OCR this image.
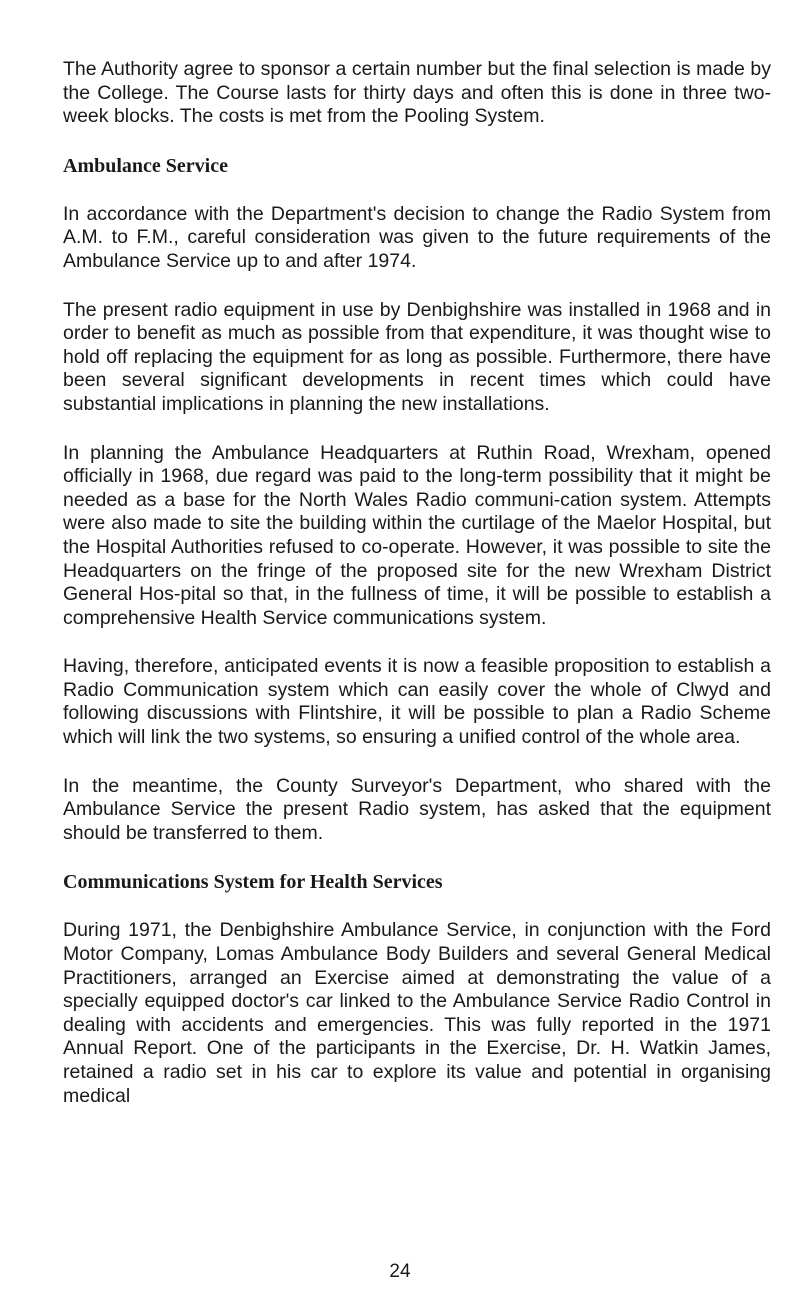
The Authority agree to sponsor a certain number but the final selection is made by the College. The Course lasts for thirty days and often this is done in three two-week blocks. The costs is met from the Pooling System.

Ambulance Service

In accordance with the Department's decision to change the Radio System from A.M. to F.M., careful consideration was given to the future requirements of the Ambulance Service up to and after 1974.

The present radio equipment in use by Denbighshire was installed in 1968 and in order to benefit as much as possible from that expenditure, it was thought wise to hold off replacing the equipment for as long as possible. Furthermore, there have been several significant developments in recent times which could have substantial implications in planning the new installations.

In planning the Ambulance Headquarters at Ruthin Road, Wrexham, opened officially in 1968, due regard was paid to the long-term possibility that it might be needed as a base for the North Wales Radio communi-cation system. Attempts were also made to site the building within the curtilage of the Maelor Hospital, but the Hospital Authorities refused to co-operate. However, it was possible to site the Headquarters on the fringe of the proposed site for the new Wrexham District General Hos-pital so that, in the fullness of time, it will be possible to establish a comprehensive Health Service communications system.

Having, therefore, anticipated events it is now a feasible proposition to establish a Radio Communication system which can easily cover the whole of Clwyd and following discussions with Flintshire, it will be possible to plan a Radio Scheme which will link the two systems, so ensuring a unified control of the whole area.

In the meantime, the County Surveyor's Department, who shared with the Ambulance Service the present Radio system, has asked that the equipment should be transferred to them.

Communications System for Health Services

During 1971, the Denbighshire Ambulance Service, in conjunction with the Ford Motor Company, Lomas Ambulance Body Builders and several General Medical Practitioners, arranged an Exercise aimed at demonstrating the value of a specially equipped doctor's car linked to the Ambulance Service Radio Control in dealing with accidents and emergencies. This was fully reported in the 1971 Annual Report. One of the participants in the Exercise, Dr. H. Watkin James, retained a radio set in his car to explore its value and potential in organising medical

24
